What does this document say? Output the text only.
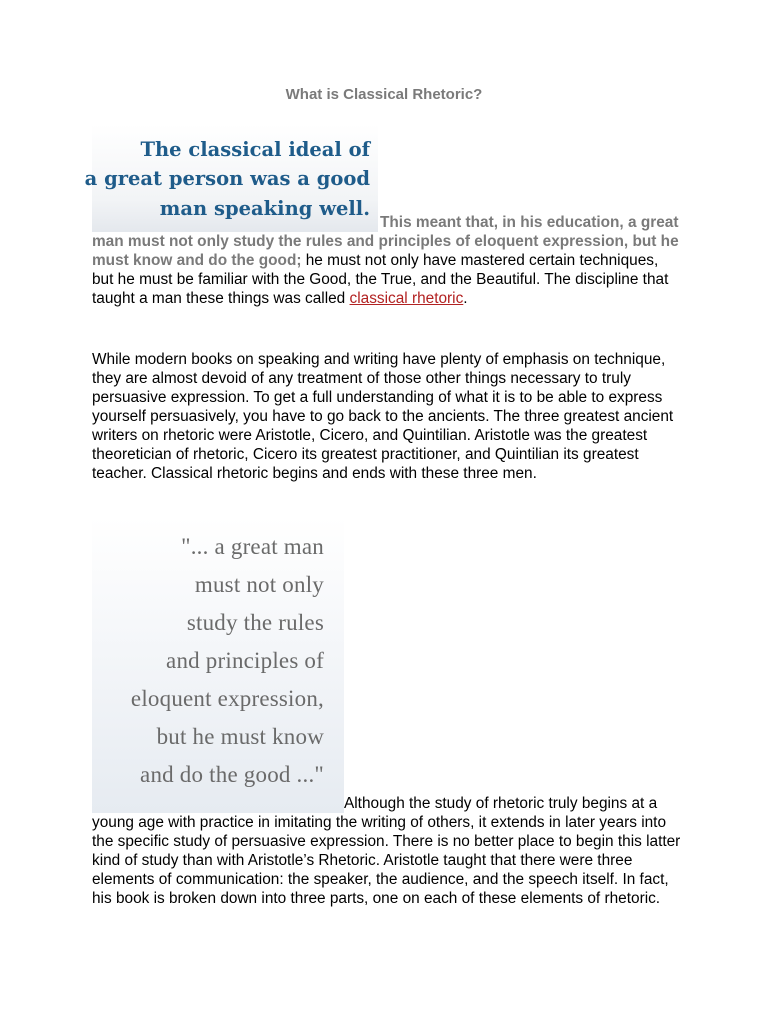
What is Classical Rhetoric?
The classical ideal of
a great person was a good
man speaking well.
This meant that, in his education, a great man must not only study the rules and principles of eloquent expression, but he must know and do the good; he must not only have mastered certain techniques, but he must be familiar with the Good, the True, and the Beautiful. The discipline that taught a man these things was called classical rhetoric.

While modern books on speaking and writing have plenty of emphasis on technique, they are almost devoid of any treatment of those other things necessary to truly persuasive expression. To get a full understanding of what it is to be able to express yourself persuasively, you have to go back to the ancients. The three greatest ancient writers on rhetoric were Aristotle, Cicero, and Quintilian. Aristotle was the greatest theoretician of rhetoric, Cicero its greatest practitioner, and Quintilian its greatest teacher. Classical rhetoric begins and ends with these three men.

"... a great man
must not only
study the rules
and principles of
eloquent expression,
but he must know
and do the good ..."
Although the study of rhetoric truly begins at a young age with practice in imitating the writing of others, it extends in later years into the specific study of persuasive expression. There is no better place to begin this latter kind of study than with Aristotle’s Rhetoric. Aristotle taught that there were three elements of communication: the speaker, the audience, and the speech itself. In fact, his book is broken down into three parts, one on each of these elements of rhetoric.
